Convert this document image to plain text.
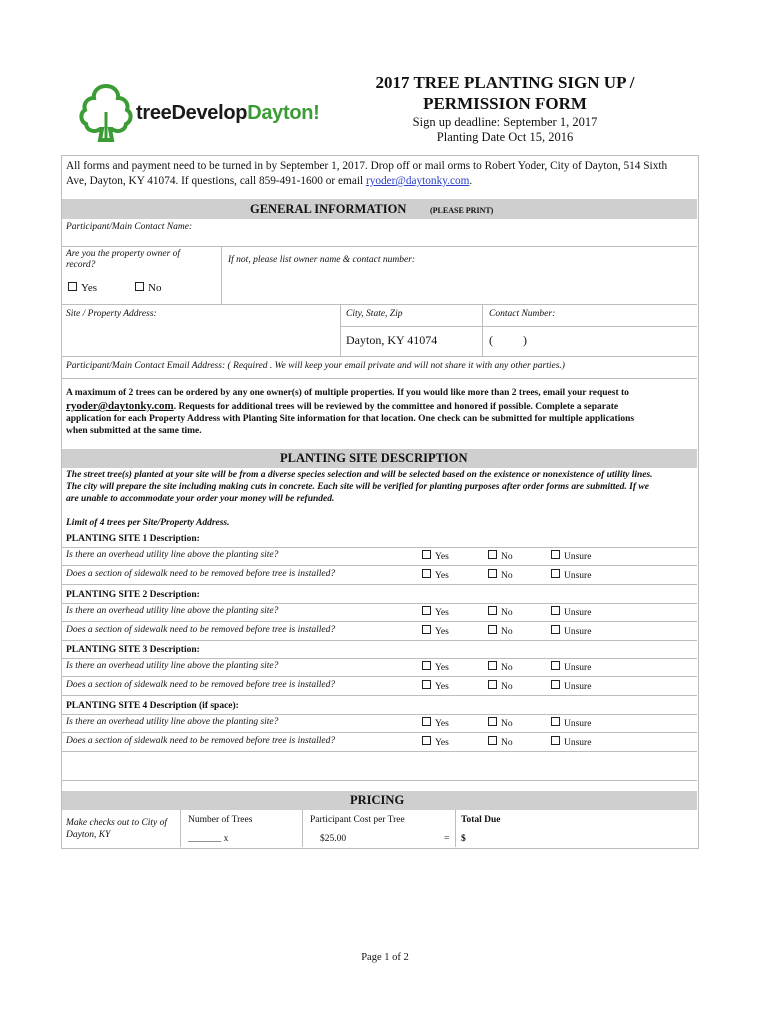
treeDevelopDayton!
2017 TREE PLANTING SIGN UP /
PERMISSION FORM
Sign up deadline: September 1, 2017
Planting Date Oct 15, 2016
All forms and payment need to be turned in by September 1, 2017. Drop off or mail orms to Robert Yoder, City of Dayton, 514 Sixth
Ave, Dayton, KY 41074. If questions, call 859-491-1600 or email ryoder@daytonky.com.
GENERAL INFORMATION	(PLEASE PRINT)
Participant/Main Contact Name:
Are you the property owner of
record?	If not, please list owner name & contact number:
Yes	No
Site / Property Address:	City, State, Zip	Contact Number:
Dayton, KY 41074	(          )
Participant/Main Contact Email Address: ( Required . We will keep your email private and will not share it with any other parties.)
A maximum of 2 trees can be ordered by any one owner(s) of multiple properties. If you would like more than 2 trees, email your request to
ryoder@daytonky.com. Requests for additional trees will be reviewed by the committee and honored if possible. Complete a separate
application for each Property Address with Planting Site information for that location. One check can be submitted for multiple applications
when submitted at the same time.
PLANTING SITE DESCRIPTION
The street tree(s) planted at your site will be from a diverse species selection and will be selected based on the existence or nonexistence of utility lines.
The city will prepare the site including making cuts in concrete. Each site will be verified for planting purposes after order forms are submitted. If we
are unable to accommodate your order your money will be refunded.
Limit of 4 trees per Site/Property Address.
PLANTING SITE 1 Description:
Is there an overhead utility line above the planting site?	Yes	No	Unsure
Does a section of sidewalk need to be removed before tree is installed?	Yes	No	Unsure
PLANTING SITE 2 Description:
Is there an overhead utility line above the planting site?	Yes	No	Unsure
Does a section of sidewalk need to be removed before tree is installed?	Yes	No	Unsure
PLANTING SITE 3 Description:
Is there an overhead utility line above the planting site?	Yes	No	Unsure
Does a section of sidewalk need to be removed before tree is installed?	Yes	No	Unsure
PLANTING SITE 4 Description (if space):
Is there an overhead utility line above the planting site?	Yes	No	Unsure
Does a section of sidewalk need to be removed before tree is installed?	Yes	No	Unsure
PRICING
Make checks out to City of
Dayton, KY
Number of Trees
_______ x
Participant Cost per Tree
$25.00	=
Total Due
$
Page 1 of 2
